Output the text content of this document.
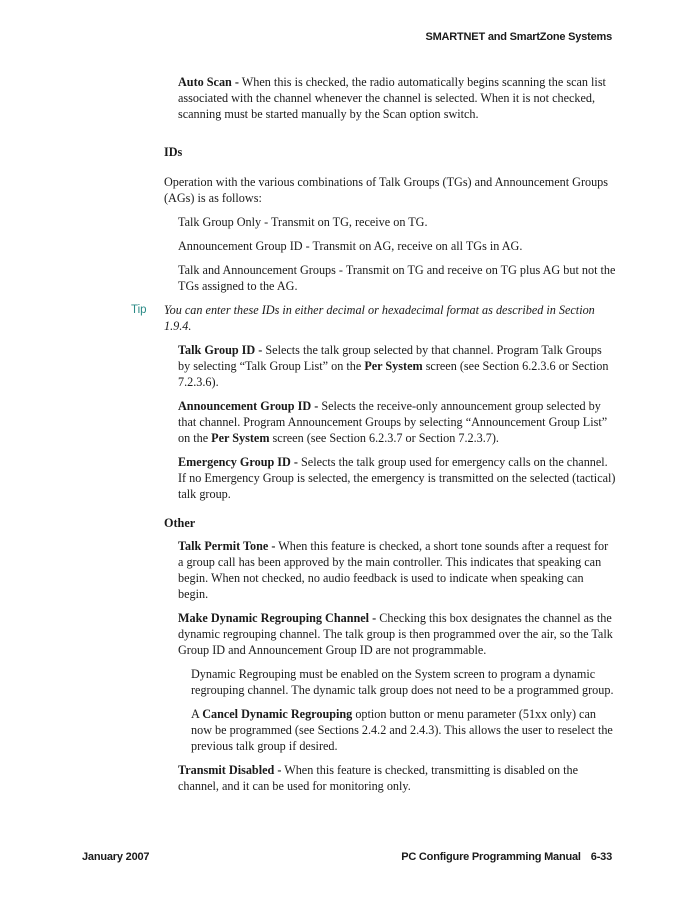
SMARTNET and SmartZone Systems

Auto Scan - When this is checked, the radio automatically begins scanning the scan list associated with the channel whenever the channel is selected. When it is not checked, scanning must be started manually by the Scan option switch.

IDs

Operation with the various combinations of Talk Groups (TGs) and Announcement Groups (AGs) is as follows:

Talk Group Only - Transmit on TG, receive on TG.

Announcement Group ID - Transmit on AG, receive on all TGs in AG.

Talk and Announcement Groups - Transmit on TG and receive on TG plus AG but not the TGs assigned to the AG.

Tip You can enter these IDs in either decimal or hexadecimal format as described in Section 1.9.4.

Talk Group ID - Selects the talk group selected by that channel. Program Talk Groups by selecting “Talk Group List” on the Per System screen (see Section 6.2.3.6 or Section 7.2.3.6).

Announcement Group ID - Selects the receive-only announcement group selected by that channel. Program Announcement Groups by selecting “Announcement Group List” on the Per System screen (see Section 6.2.3.7 or Section 7.2.3.7).

Emergency Group ID - Selects the talk group used for emergency calls on the channel. If no Emergency Group is selected, the emergency is transmitted on the selected (tactical) talk group.

Other

Talk Permit Tone - When this feature is checked, a short tone sounds after a request for a group call has been approved by the main controller. This indicates that speaking can begin. When not checked, no audio feedback is used to indicate when speaking can begin.

Make Dynamic Regrouping Channel - Checking this box designates the channel as the dynamic regrouping channel. The talk group is then programmed over the air, so the Talk Group ID and Announcement Group ID are not programmable.

Dynamic Regrouping must be enabled on the System screen to program a dynamic regrouping channel. The dynamic talk group does not need to be a programmed group.

A Cancel Dynamic Regrouping option button or menu parameter (51xx only) can now be programmed (see Sections 2.4.2 and 2.4.3). This allows the user to reselect the previous talk group if desired.

Transmit Disabled - When this feature is checked, transmitting is disabled on the channel, and it can be used for monitoring only.

January 2007	PC Configure Programming Manual 6-33
